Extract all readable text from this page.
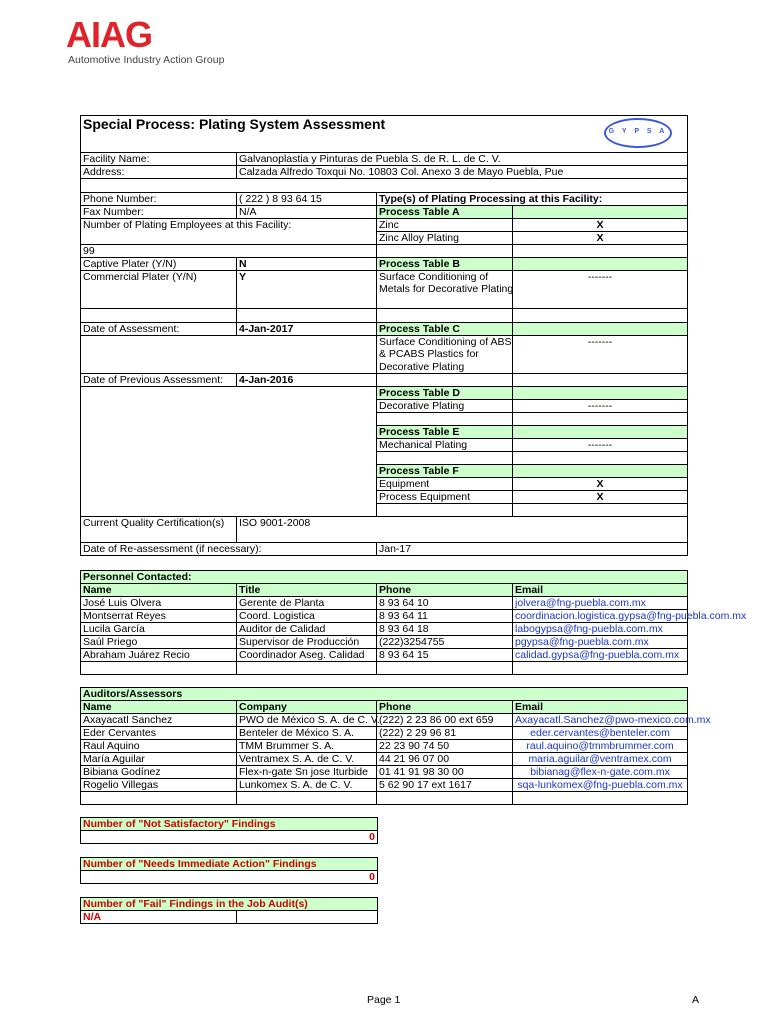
AIAG
Automotive Industry Action Group
Special Process: Plating System Assessment			
Facility Name:	Galvanoplastia y Pinturas de Puebla S. de R. L. de C. V.		
Address:	Calzada Alfredo Toxqui No. 10803 Col. Anexo 3 de Mayo Puebla, Pue		

Phone Number:	( 222 ) 8 93 64 15	Type(s) of Plating Processing at this Facility:	
Fax Number:	N/A	Process Table A	
Number of Plating Employees at this Facility:		Zinc	X
		Zinc Alloy Plating	X
99			
Captive Plater (Y/N)	N	Process Table B	
Commercial Plater (Y/N)	Y	Surface Conditioning of	-------
		Metals for Decorative Plating	

Date of Assessment:	4-Jan-2017	Process Table C	
		Surface Conditioning of ABS	-------
		& PCABS Plastics for	
		Decorative Plating	
Date of Previous Assessment:	4-Jan-2016		
		Process Table D	
		Decorative Plating	-------

		Process Table E	
		Mechanical Plating	-------

		Process Table F	
		Equipment	X
		Process Equipment	X

G Y P S A
Current Quality Certification(s)	ISO 9001-2008	
Date of Re-assessment (if necessary):		Jan-17
Personnel Contacted:			
Name	Title	Phone	Email
José Luis Olvera	Gerente de Planta	8 93 64 10	jolvera@fng-puebla.com.mx
Montserrat Reyes	Coord. Logistica	8 93 64 11	coordinacion.logistica.gypsa@fng-puebla.com.mx
Lucila García	Auditor de Calidad	8 93 64 18	labogypsa@fng-puebla.com.mx
Saúl Priego	Supervisor de Producción	(222)3254755	pgypsa@fng-puebla.com.mx
Abraham Juárez Recio	Coordinador Aseg. Calidad	8 93 64 15	calidad.gypsa@fng-puebla.com.mx

Auditors/Assessors			
Name	Company	Phone	Email
Axayacatl Sanchez	PWO de México S. A. de C. V.	(222) 2 23 86 00 ext 659	Axayacatl.Sanchez@pwo-mexico.com.mx
Eder Cervantes	Benteler de México S. A.	(222) 2 29 96 81	eder.cervantes@benteler.com
Raul Aquino	TMM Brummer S. A.	22 23 90 74 50	raul.aquino@tmmbrummer.com
María Aguilar	Ventramex S. A. de C. V.	44 21 96 07 00	maria.aguilar@ventramex.com
Bibiana Godínez	Flex-n-gate Sn jose Iturbide	01 41 91 98 30 00	bibianag@flex-n-gate.com.mx
Rogelio Villegas	Lunkomex S. A. de C. V.	5 62 90 17 ext 1617	sqa-lunkomex@fng-puebla.com.mx

Number of "Not Satisfactory" Findings
0
Number of "Needs Immediate Action" Findings
0
Number of "Fail" Findings in the Job Audit(s)
N/A	
Page 1	A
